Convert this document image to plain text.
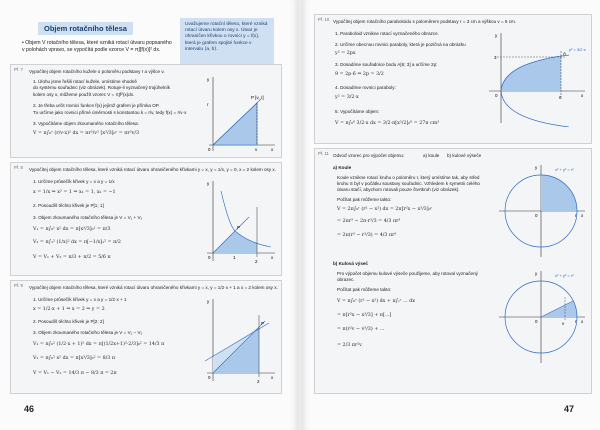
Objem rotačního tělesa
• Objem V rotačního tělesa, které vzniká rotací útvaru popsaného
v polohách vpravo, se vypočítá podle vzorce V = π∫[f(x)]² dx.
Uvažujeme rotační těleso, které vzniká rotací útvaru kolem osy x. Útvar je ohraničen křivkou o rovnici y = f(x), která je grafem spojité funkce v intervalu ⟨a, b⟩.
Př. 7 Vypočítej objem rotačního kužele o poloměru podstavy r a výšce v.
1. Úlohu jsme řešili rotací kužele, umístíme vhodně
do systému souřadnic (viz obrázek). Rotuje-li vyznačený trojúhelník
kolem osy x, můžeme použít vzorec V = π∫f²(x)dx.
2. Je třeba určit rovnici funkce f(x) jejímž grafem je přímka OP.
Tu určíme jako rovnici přímé úměrnosti s konstantou k = r/v, tedy f(x) = r/v·x
3. Vypočítáme objem zkoumaného rotačního tělesa:
V = π∫₀ᵛ (r/v·x)² dx = πr²/v² [x³/3]₀ᵛ = πr²v/3
P [v, r]
y
x
0	v
r
Př. 8 Vypočítej objem rotačního tělesa, které vzniká rotací útvaru ohraničeného křivkami y = x, y = 1/x, y = 0, x = 2 kolem osy x.
1. Určíme průsečík křivek y = x a y = 1/x
x = 1/x ⇒ x² = 1 ⇒ x₁ = 1, x₂ = −1
2. Posoudíš těchto křivek je P[1; 1]
3. Objem zkoumaného rotačního tělesa je V = V₁ + V₂
V₁ = π∫₀¹ x² dx = π[x³/3]₀¹ = π/3
V₂ = π∫₁² (1/x)² dx = π[−1/x]₁² = π/2
V = V₁ + V₂ = π/3 + π/2 = 5/6 π
y
x
0	1
2
P
Př. 9 Vypočítej objem rotačního tělesa, které vzniká rotací útvaru ohraničeného křivkami y = x, y = 1/2·x + 1 a x = 2 kolem osy x.
1. Určíme průsečík křivek y = x a y = 1/2·x + 1
x = 1/2·x + 1 ⇒ x = 2 ⇒ y = 2
2. Posoudíš těchto křivek je P[2; 2]
3. Objem zkoumaného rotačního tělesa je V = V₁ − V₂
V₁ = π∫₀² (1/2·x + 1)² dx = π[(1/2x+1)³·2/3]₀² = 14/3 π
V₂ = π∫₀² x² dx = π[x³/3]₀² = 8/3 π
V = V₁ − V₂ = 14/3 π − 8/3 π = 2π
y
x
0
2
P
46
Př. 10 Vypočítej objem rotačního paraboloidu s poloměrem podstavy r = 3 cm a výškou v = 6 cm.
1. Paraboloid vznikne rotací vyznačeného obrazce.
2. Určíme obecnou rovnici paraboly, která je pozičná na obrázku
y² = 2px
3. Dosadíme souřadnice bodu A[6; 3] a určíme 2p:
9 = 2p·6 ⇒ 2p = 3/2
4. Dosadíme rovnici paraboly:
y² = 3/2·x
5. Vypočítáme objem:
V = π∫₀⁶ 3/2·x dx = 3/2·π[x²/2]₀⁶ = 27π cm³
y
x
0	6
3
A
y² = 3/2·x
Př. 11 Odvoď vzorec pro výpočet objemu:	a) koule b) kulové výseče
a) Koule
Koule vznikne rotací kruhu o poloměru r, který umístíme tak, aby střed
kruhu S byl v počátku soustavy souřadnic. Vzhledem k symetrii celého
útvaru stačí, abychom rotovali pouze čtvrtkruh (viz obrázek).
Počítat pak můžeme takto:
V = 2π∫₀ʳ (r² − x²) dx = 2π[r²x − x³/3]₀ʳ
= 2πr³ − 2π·r³/3 = 4/3 πr³
= 2π(r³ − r³/3) = 4/3 πr³
b) Kulová výseč
Pro výpočet objemu kulové výseče použijeme, aby rotoval vyznačený
obrazec.
Počítat pak můžeme takto:
V = π∫₀ᵛ (r² − x²) dx + π∫ᵥʳ ... dx
= π[r²x − x³/3] + π[...]
= π(r²v − v³/3) + ...
= 2/3 πr²v
x² + y² = r²
y
x
0	r
x² + y² = r²
y
x
0	r
v
47
